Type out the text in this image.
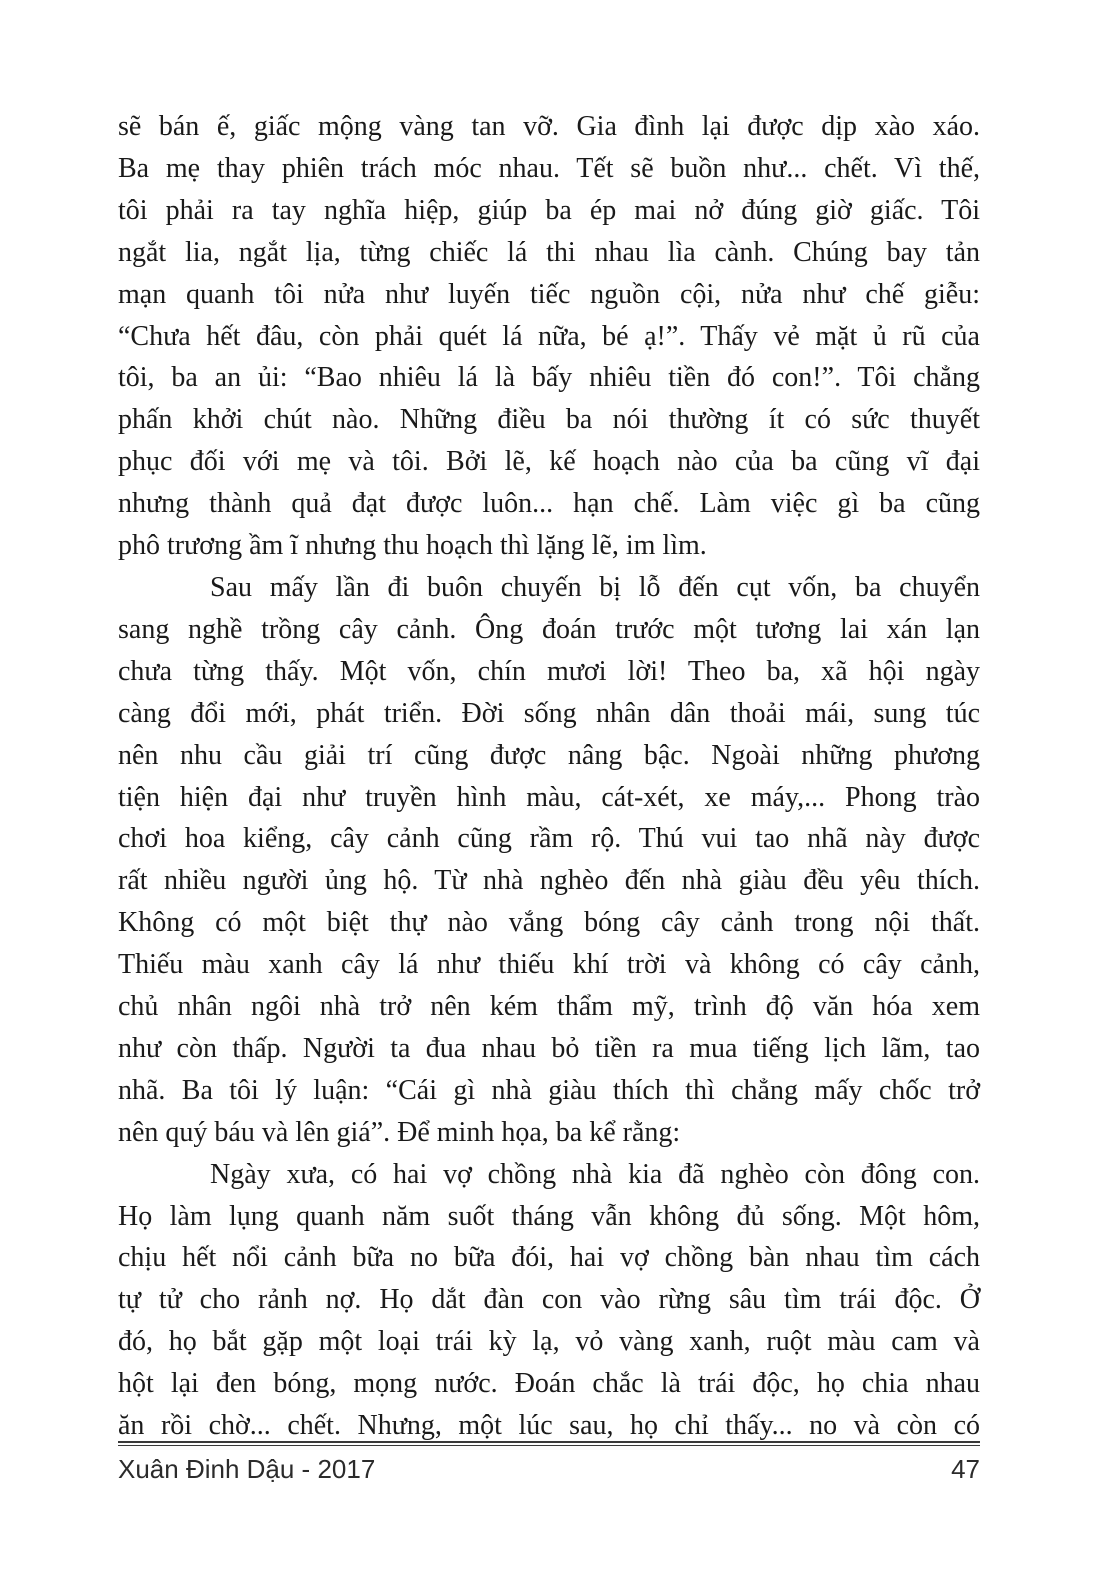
sẽ bán ế, giấc mộng vàng tan vỡ. Gia đình lại được dịp xào xáo.
Ba mẹ thay phiên trách móc nhau. Tết sẽ buồn như... chết. Vì thế,
tôi phải ra tay nghĩa hiệp, giúp ba ép mai nở đúng giờ giấc. Tôi
ngắt lia, ngắt lịa, từng chiếc lá thi nhau lìa cành. Chúng bay tản
mạn quanh tôi nửa như luyến tiếc nguồn cội, nửa như chế giễu:
“Chưa hết đâu, còn phải quét lá nữa, bé ạ!”. Thấy vẻ mặt ủ rũ của
tôi, ba an ủi: “Bao nhiêu lá là bấy nhiêu tiền đó con!”. Tôi chẳng
phấn khởi chút nào. Những điều ba nói thường ít có sức thuyết
phục đối với mẹ và tôi. Bởi lẽ, kế hoạch nào của ba cũng vĩ đại
nhưng thành quả đạt được luôn... hạn chế. Làm việc gì ba cũng
phô trương ầm ĩ nhưng thu hoạch thì lặng lẽ, im lìm.

Sau mấy lần đi buôn chuyến bị lỗ đến cụt vốn, ba chuyển
sang nghề trồng cây cảnh. Ông đoán trước một tương lai xán lạn
chưa từng thấy. Một vốn, chín mươi lời! Theo ba, xã hội ngày
càng đổi mới, phát triển. Đời sống nhân dân thoải mái, sung túc
nên nhu cầu giải trí cũng được nâng bậc. Ngoài những phương
tiện hiện đại như truyền hình màu, cát-xét, xe máy,... Phong trào
chơi hoa kiểng, cây cảnh cũng rầm rộ. Thú vui tao nhã này được
rất nhiều người ủng hộ. Từ nhà nghèo đến nhà giàu đều yêu thích.
Không có một biệt thự nào vắng bóng cây cảnh trong nội thất.
Thiếu màu xanh cây lá như thiếu khí trời và không có cây cảnh,
chủ nhân ngôi nhà trở nên kém thẩm mỹ, trình độ văn hóa xem
như còn thấp. Người ta đua nhau bỏ tiền ra mua tiếng lịch lãm, tao
nhã. Ba tôi lý luận: “Cái gì nhà giàu thích thì chẳng mấy chốc trở
nên quý báu và lên giá”. Để minh họa, ba kể rằng:

Ngày xưa, có hai vợ chồng nhà kia đã nghèo còn đông con.
Họ làm lụng quanh năm suốt tháng vẫn không đủ sống. Một hôm,
chịu hết nổi cảnh bữa no bữa đói, hai vợ chồng bàn nhau tìm cách
tự tử cho rảnh nợ. Họ dắt đàn con vào rừng sâu tìm trái độc. Ở
đó, họ bắt gặp một loại trái kỳ lạ, vỏ vàng xanh, ruột màu cam và
hột lại đen bóng, mọng nước. Đoán chắc là trái độc, họ chia nhau
ăn rồi chờ... chết. Nhưng, một lúc sau, họ chỉ thấy... no và còn có

Xuân Đinh Dậu - 2017	47
